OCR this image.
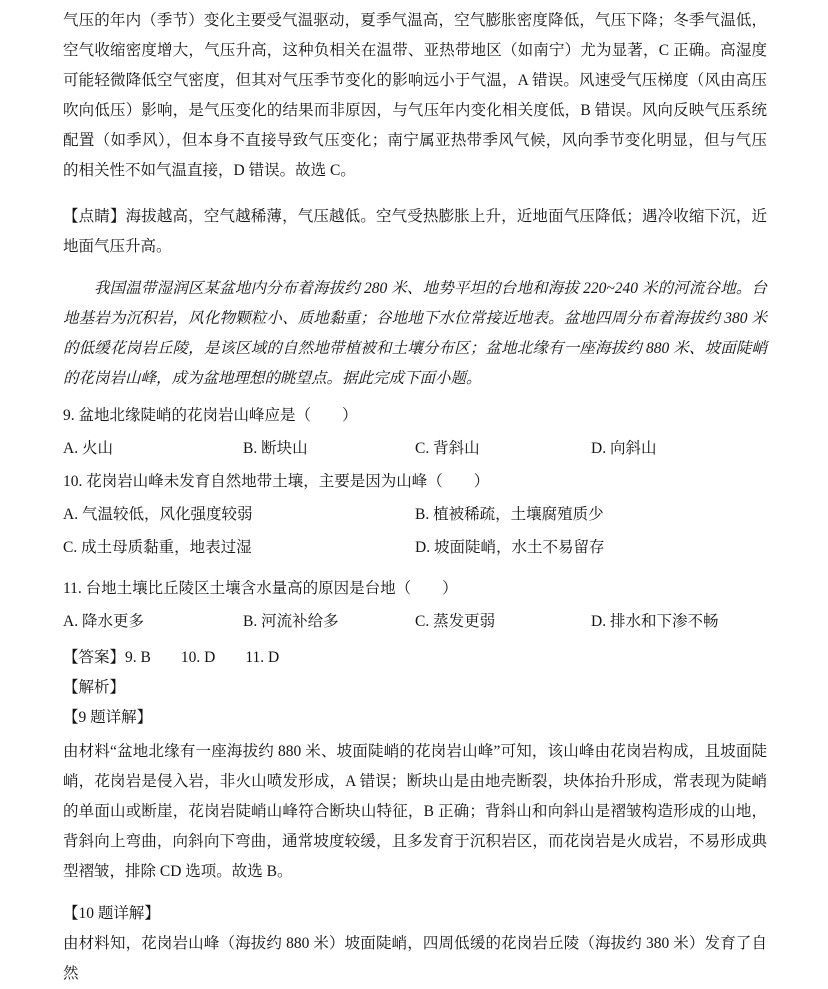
气压的年内（季节）变化主要受气温驱动，夏季气温高，空气膨胀密度降低，气压下降；冬季气温低，空气收缩密度增大，气压升高，这种负相关在温带、亚热带地区（如南宁）尤为显著，C 正确。高湿度可能轻微降低空气密度，但其对气压季节变化的影响远小于气温，A 错误。风速受气压梯度（风由高压吹向低压）影响，是气压变化的结果而非原因，与气压年内变化相关度低，B 错误。风向反映气压系统配置（如季风），但本身不直接导致气压变化；南宁属亚热带季风气候，风向季节变化明显，但与气压的相关性不如气温直接，D 错误。故选 C。

【点睛】海拔越高，空气越稀薄，气压越低。空气受热膨胀上升，近地面气压降低；遇冷收缩下沉，近地面气压升高。

我国温带湿润区某盆地内分布着海拔约 280 米、地势平坦的台地和海拔 220~240 米的河流谷地。台地基岩为沉积岩，风化物颗粒小、质地黏重；谷地地下水位常接近地表。盆地四周分布着海拔约 380 米的低缓花岗岩丘陵，是该区域的自然地带植被和土壤分布区；盆地北缘有一座海拔约 880 米、坡面陡峭的花岗岩山峰，成为盆地理想的眺望点。据此完成下面小题。

9. 盆地北缘陡峭的花岗岩山峰应是（　　）
A. 火山	B. 断块山	C. 背斜山	D. 向斜山
10. 花岗岩山峰未发育自然地带土壤，主要是因为山峰（　　）
A. 气温较低，风化强度较弱	B. 植被稀疏，土壤腐殖质少
C. 成土母质黏重，地表过湿	D. 坡面陡峭，水土不易留存
11. 台地土壤比丘陵区土壤含水量高的原因是台地（　　）
A. 降水更多	B. 河流补给多	C. 蒸发更弱	D. 排水和下渗不畅
【答案】9. B 10. D 11. D
【解析】
【9 题详解】

由材料“盆地北缘有一座海拔约 880 米、坡面陡峭的花岗岩山峰”可知，该山峰由花岗岩构成，且坡面陡峭，花岗岩是侵入岩，非火山喷发形成，A 错误；断块山是由地壳断裂，块体抬升形成，常表现为陡峭的单面山或断崖，花岗岩陡峭山峰符合断块山特征，B 正确；背斜山和向斜山是褶皱构造形成的山地，背斜向上弯曲，向斜向下弯曲，通常坡度较缓，且多发育于沉积岩区，而花岗岩是火成岩，不易形成典型褶皱，排除 CD 选项。故选 B。

【10 题详解】

由材料知，花岗岩山峰（海拔约 880 米）坡面陡峭，四周低缓的花岗岩丘陵（海拔约 380 米）发育了自然
